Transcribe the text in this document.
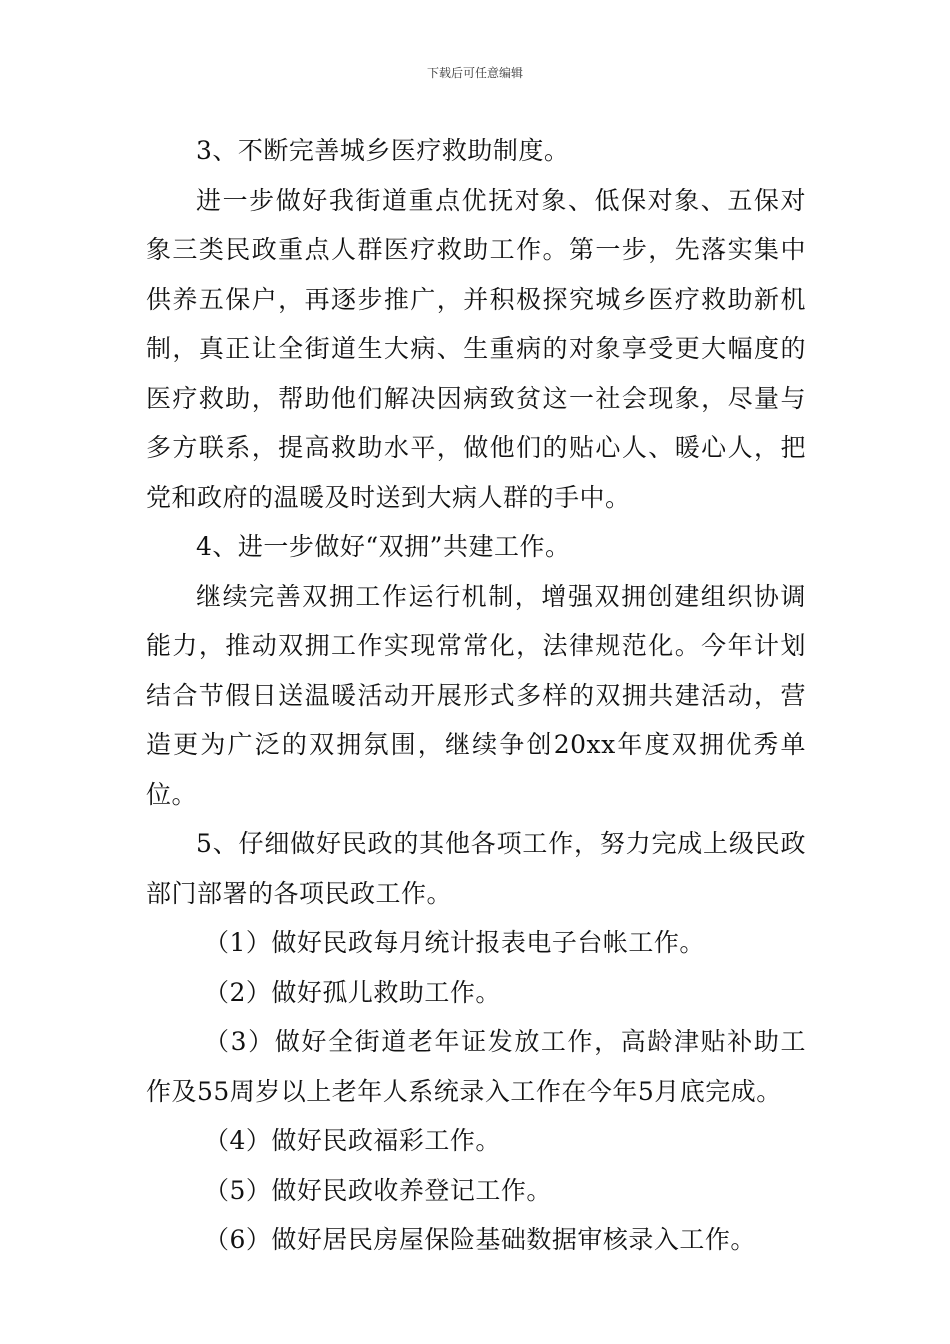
下载后可任意编辑

3、不断完善城乡医疗救助制度。

进一步做好我街道重点优抚对象、低保对象、五保对象三类民政重点人群医疗救助工作。第一步，先落实集中供养五保户，再逐步推广，并积极探究城乡医疗救助新机制，真正让全街道生大病、生重病的对象享受更大幅度的医疗救助，帮助他们解决因病致贫这一社会现象，尽量与多方联系，提高救助水平，做他们的贴心人、暖心人，把党和政府的温暖及时送到大病人群的手中。

4、进一步做好“双拥”共建工作。

继续完善双拥工作运行机制，增强双拥创建组织协调能力，推动双拥工作实现常常化，法律规范化。今年计划结合节假日送温暖活动开展形式多样的双拥共建活动，营造更为广泛的双拥氛围，继续争创20xx年度双拥优秀单位。

5、仔细做好民政的其他各项工作，努力完成上级民政部门部署的各项民政工作。

（1）做好民政每月统计报表电子台帐工作。

（2）做好孤儿救助工作。

（3）做好全街道老年证发放工作，高龄津贴补助工作及55周岁以上老年人系统录入工作在今年5月底完成。

（4）做好民政福彩工作。

（5）做好民政收养登记工作。

（6）做好居民房屋保险基础数据审核录入工作。
